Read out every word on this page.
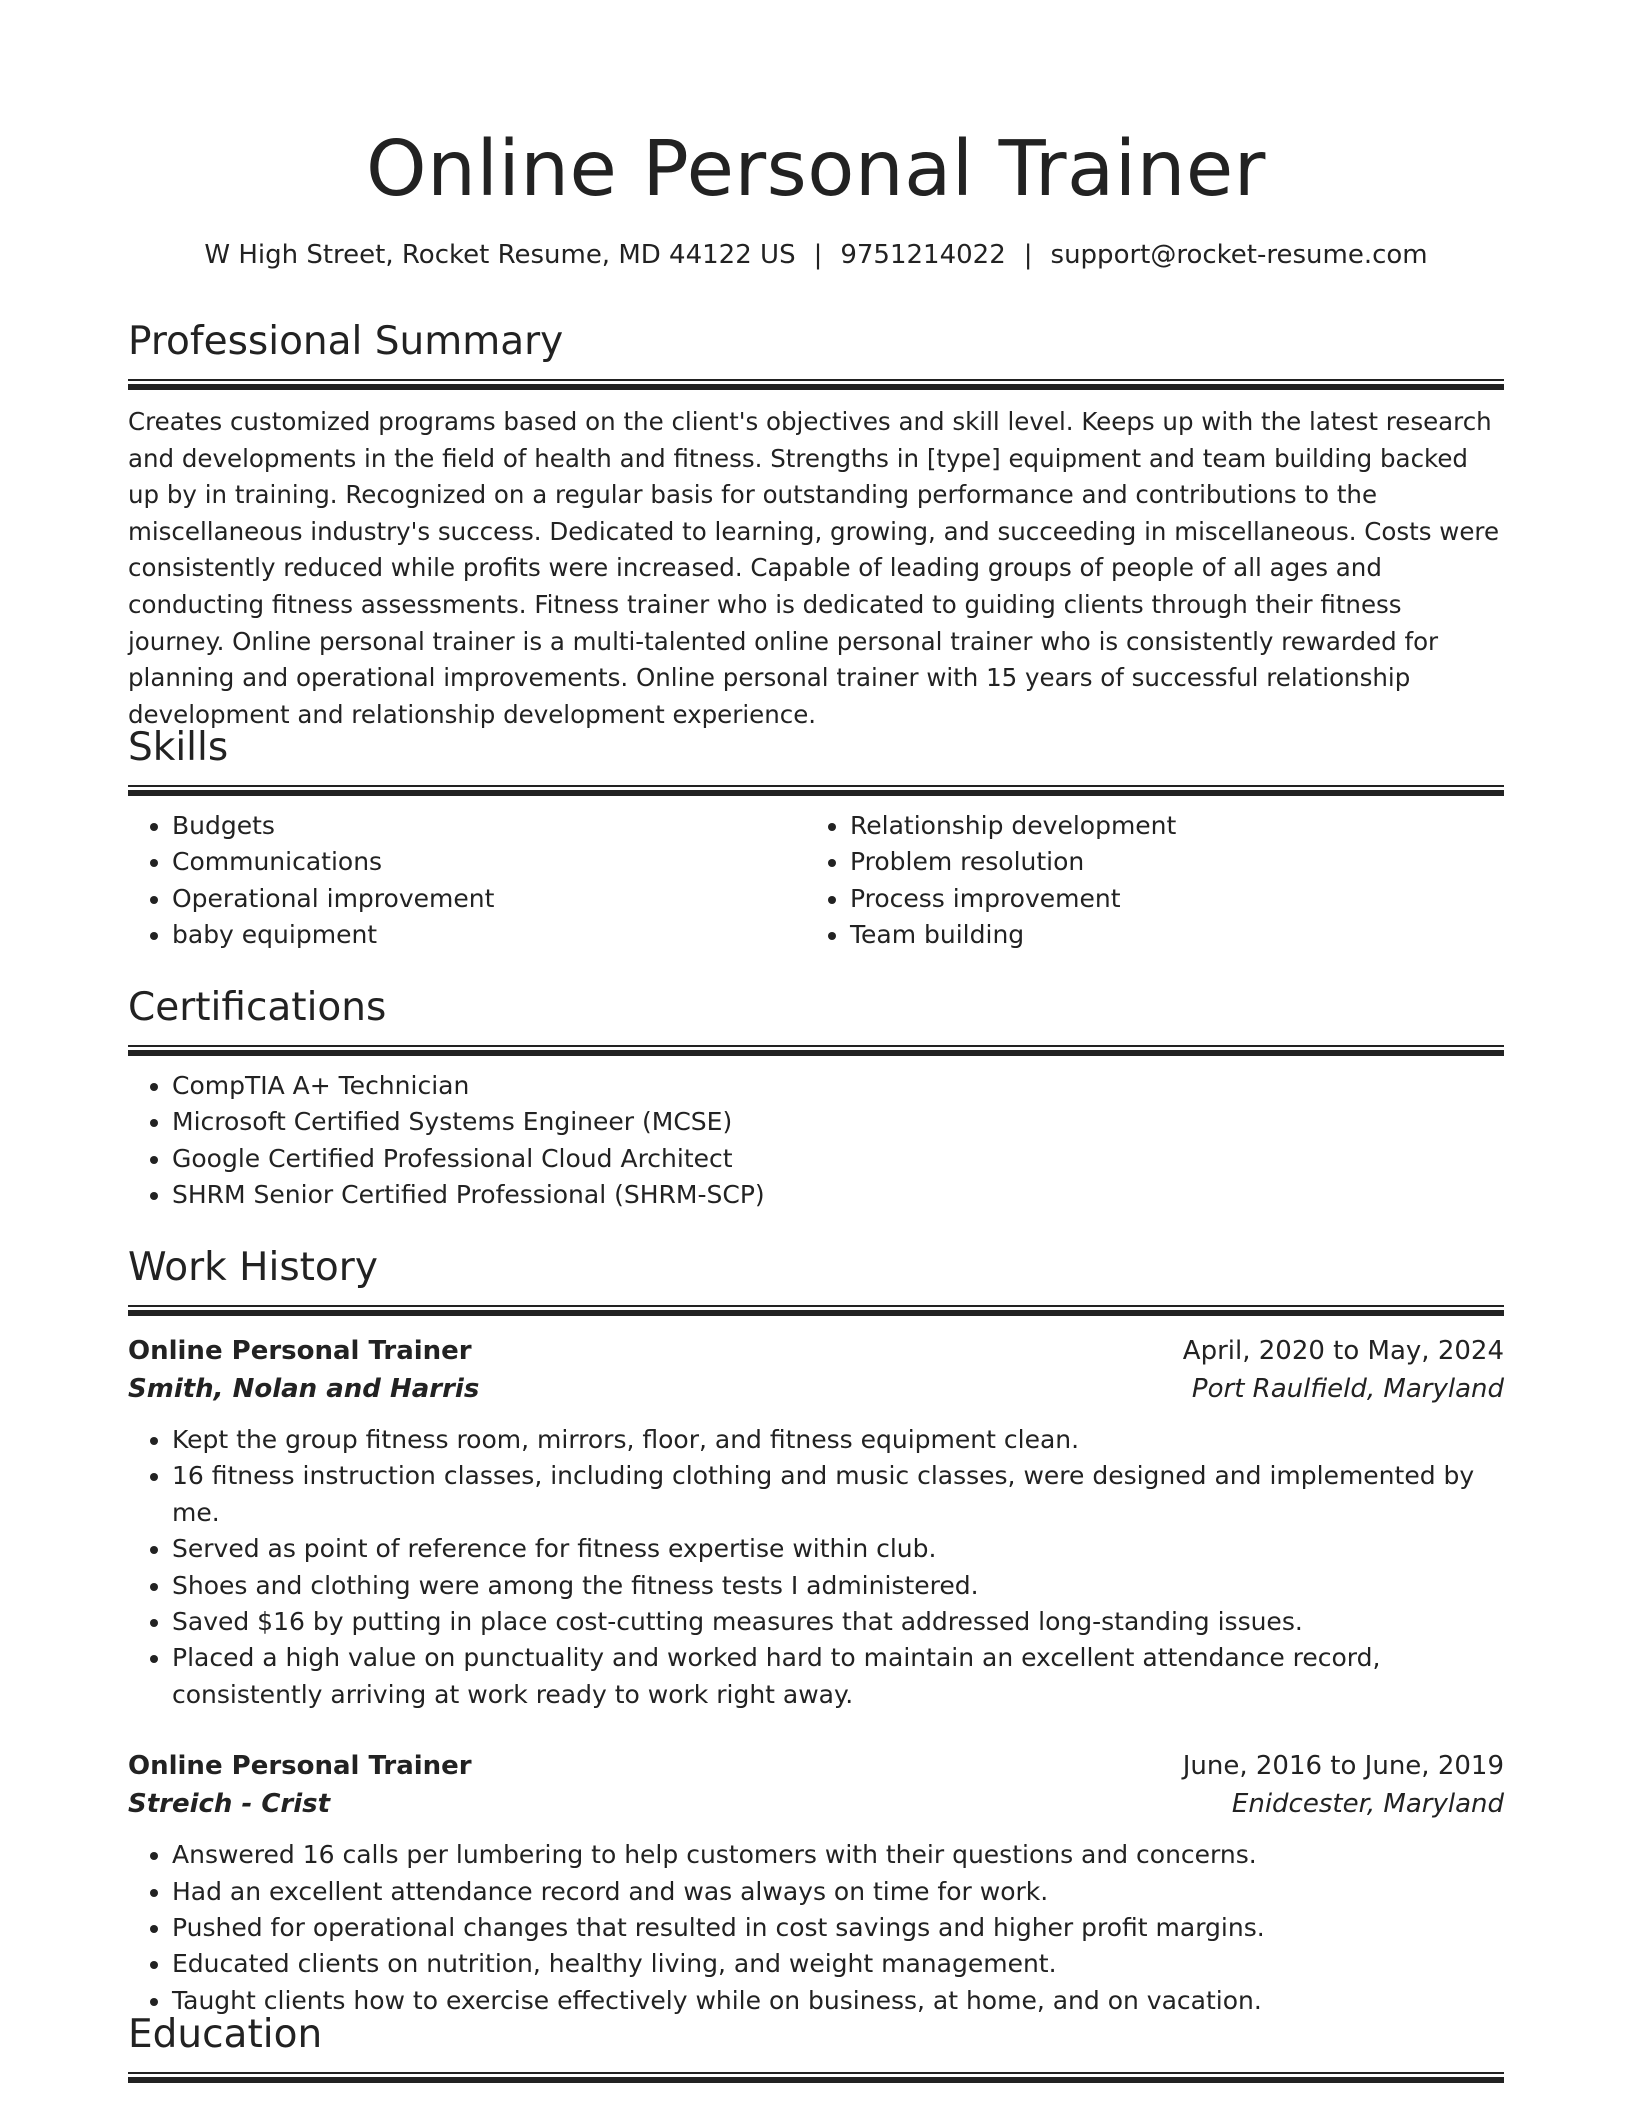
Online Personal Trainer
W High Street, Rocket Resume, MD 44122 US | 9751214022 | support@rocket-resume.com
Professional Summary

Creates customized programs based on the client's objectives and skill level. Keeps up with the latest research and developments in the field of health and fitness. Strengths in [type] equipment and team building backed up by in training. Recognized on a regular basis for outstanding performance and contributions to the miscellaneous industry's success. Dedicated to learning, growing, and succeeding in miscellaneous. Costs were consistently reduced while profits were increased. Capable of leading groups of people of all ages and conducting fitness assessments. Fitness trainer who is dedicated to guiding clients through their fitness journey. Online personal trainer is a multi-talented online personal trainer who is consistently rewarded for planning and operational improvements. Online personal trainer with 15 years of successful relationship development and relationship development experience.

Skills
• Budgets
• Communications
• Operational improvement
• baby equipment
• Relationship development
• Problem resolution
• Process improvement
• Team building
Certifications
• CompTIA A+ Technician
• Microsoft Certified Systems Engineer (MCSE)
• Google Certified Professional Cloud Architect
• SHRM Senior Certified Professional (SHRM-SCP)
Work History
Online Personal Trainer	April, 2020 to May, 2024
Smith, Nolan and Harris	Port Raulfield, Maryland
• Kept the group fitness room, mirrors, floor, and fitness equipment clean.
• 16 fitness instruction classes, including clothing and music classes, were designed and implemented by me.
• Served as point of reference for fitness expertise within club.
• Shoes and clothing were among the fitness tests I administered.
• Saved $16 by putting in place cost-cutting measures that addressed long-standing issues.
• Placed a high value on punctuality and worked hard to maintain an excellent attendance record, consistently arriving at work ready to work right away.
Online Personal Trainer	June, 2016 to June, 2019
Streich - Crist	Enidcester, Maryland
• Answered 16 calls per lumbering to help customers with their questions and concerns.
• Had an excellent attendance record and was always on time for work.
• Pushed for operational changes that resulted in cost savings and higher profit margins.
• Educated clients on nutrition, healthy living, and weight management.
• Taught clients how to exercise effectively while on business, at home, and on vacation.
Education
